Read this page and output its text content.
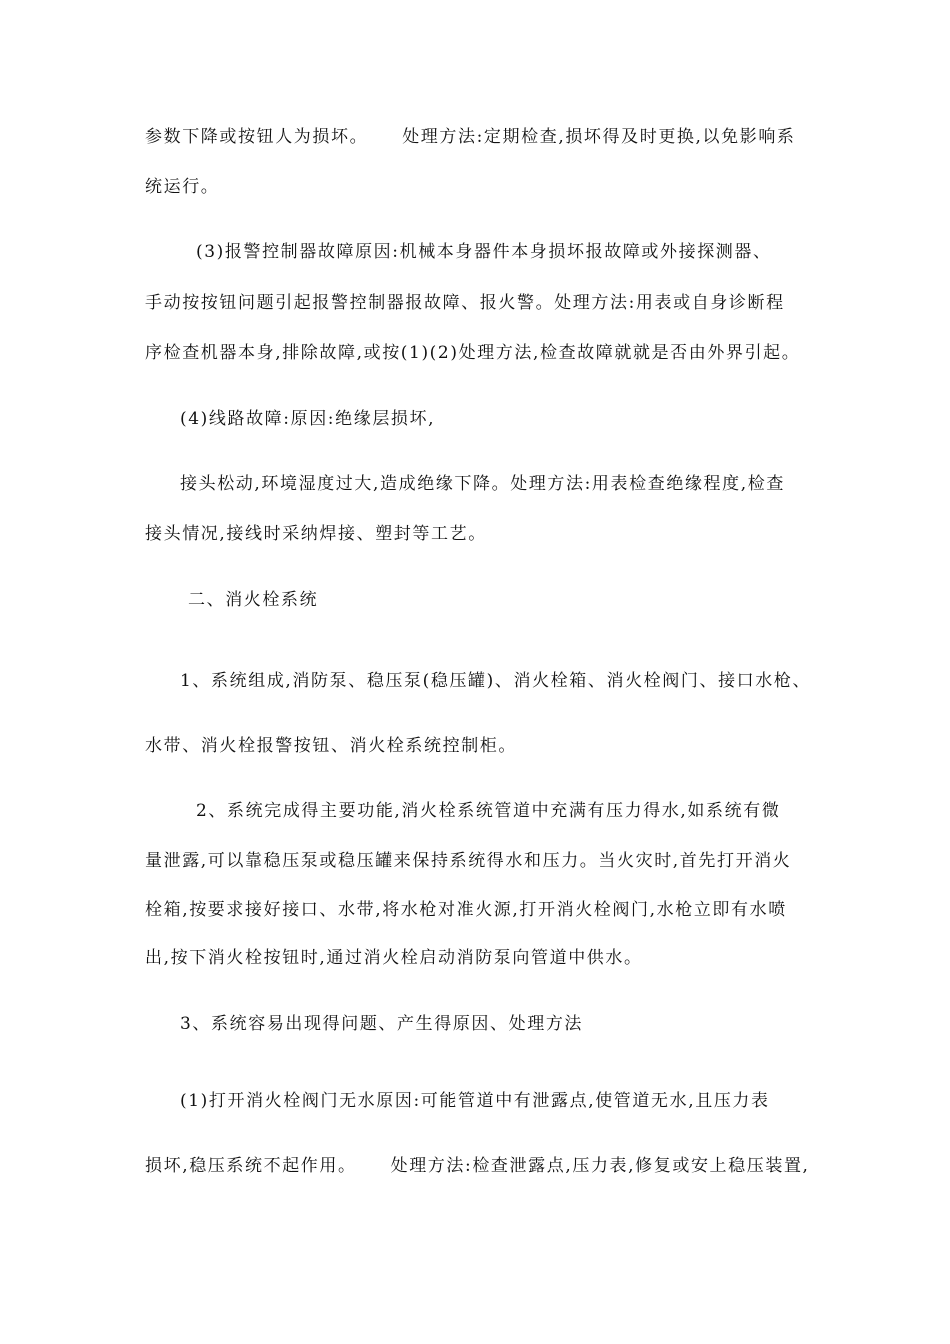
参数下降或按钮人为损坏。 处理方法:定期检查,损坏得及时更换,以免影响系
统运行。
(3)报警控制器故障原因:机械本身器件本身损坏报故障或外接探测器、
手动按按钮问题引起报警控制器报故障、报火警。处理方法:用表或自身诊断程
序检查机器本身,排除故障,或按(1)(2)处理方法,检查故障就就是否由外界引起。
(4)线路故障:原因:绝缘层损坏,
接头松动,环境湿度过大,造成绝缘下降。处理方法:用表检查绝缘程度,检查
接头情况,接线时采纳焊接、塑封等工艺。
二、消火栓系统
1、系统组成,消防泵、稳压泵(稳压罐)、消火栓箱、消火栓阀门、接口水枪、
水带、消火栓报警按钮、消火栓系统控制柜。
2、系统完成得主要功能,消火栓系统管道中充满有压力得水,如系统有微
量泄露,可以靠稳压泵或稳压罐来保持系统得水和压力。当火灾时,首先打开消火
栓箱,按要求接好接口、水带,将水枪对准火源,打开消火栓阀门,水枪立即有水喷
出,按下消火栓按钮时,通过消火栓启动消防泵向管道中供水。
3、系统容易出现得问题、产生得原因、处理方法
(1)打开消火栓阀门无水原因:可能管道中有泄露点,使管道无水,且压力表
损坏,稳压系统不起作用。 处理方法:检查泄露点,压力表,修复或安上稳压装置,
